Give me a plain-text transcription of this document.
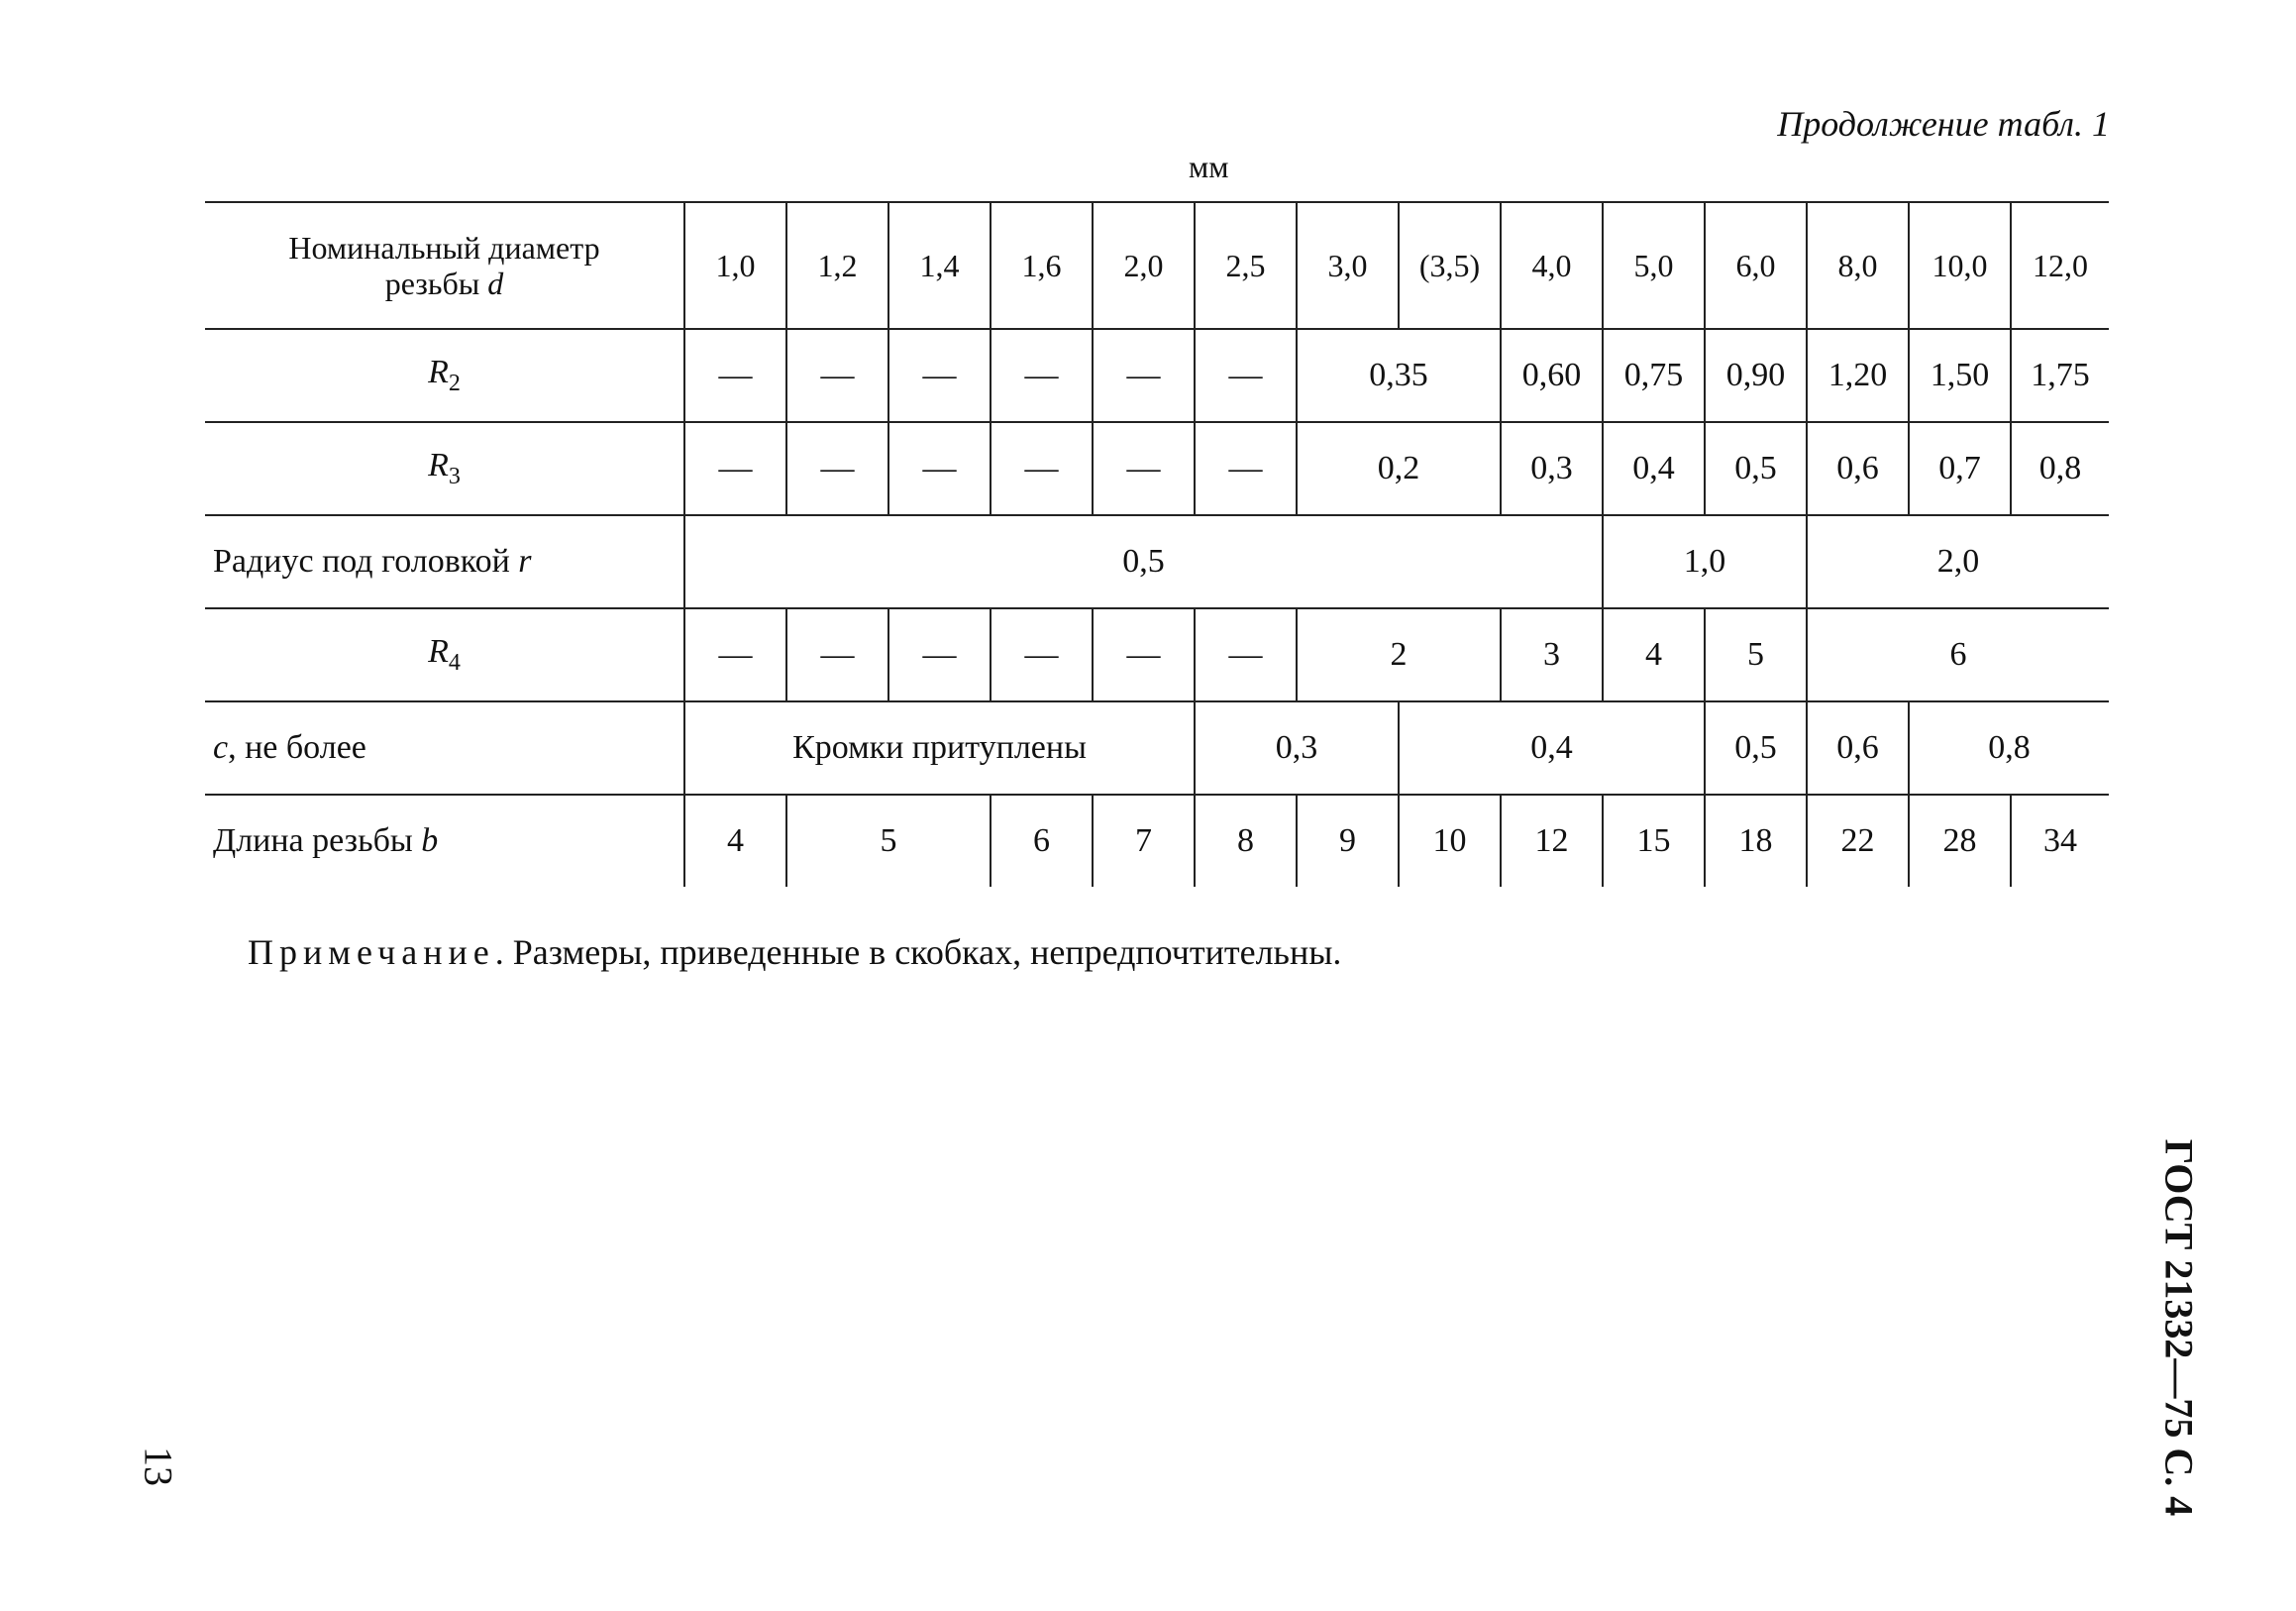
Продолжение табл. 1
мм
Номинальный диаметр
резьбы d	1,0	1,2	1,4	1,6	2,0	2,5	3,0	(3,5)	4,0	5,0	6,0	8,0	10,0	12,0
$R_2$	—	—	—	—	—	—	0,35		0,60	0,75	0,90	1,20	1,50	1,75
$R_3$	—	—	—	—	—	—	0,2		0,3	0,4	0,5	0,6	0,7	0,8
Радиус под головкой r	0,5									1,0		2,0		
$R_4$	—	—	—	—	—	—	2		3	4	5	6		
c, не более	Кромки притуплены					0,3		0,4			0,5	0,6	0,8	
Длина резьбы b	4	5		6	7	8	9	10	12	15	18	22	28	34
Примечание. Размеры, приведенные в скобках, непредпочтительны.
ГОСТ 21332—75 С. 4
13
